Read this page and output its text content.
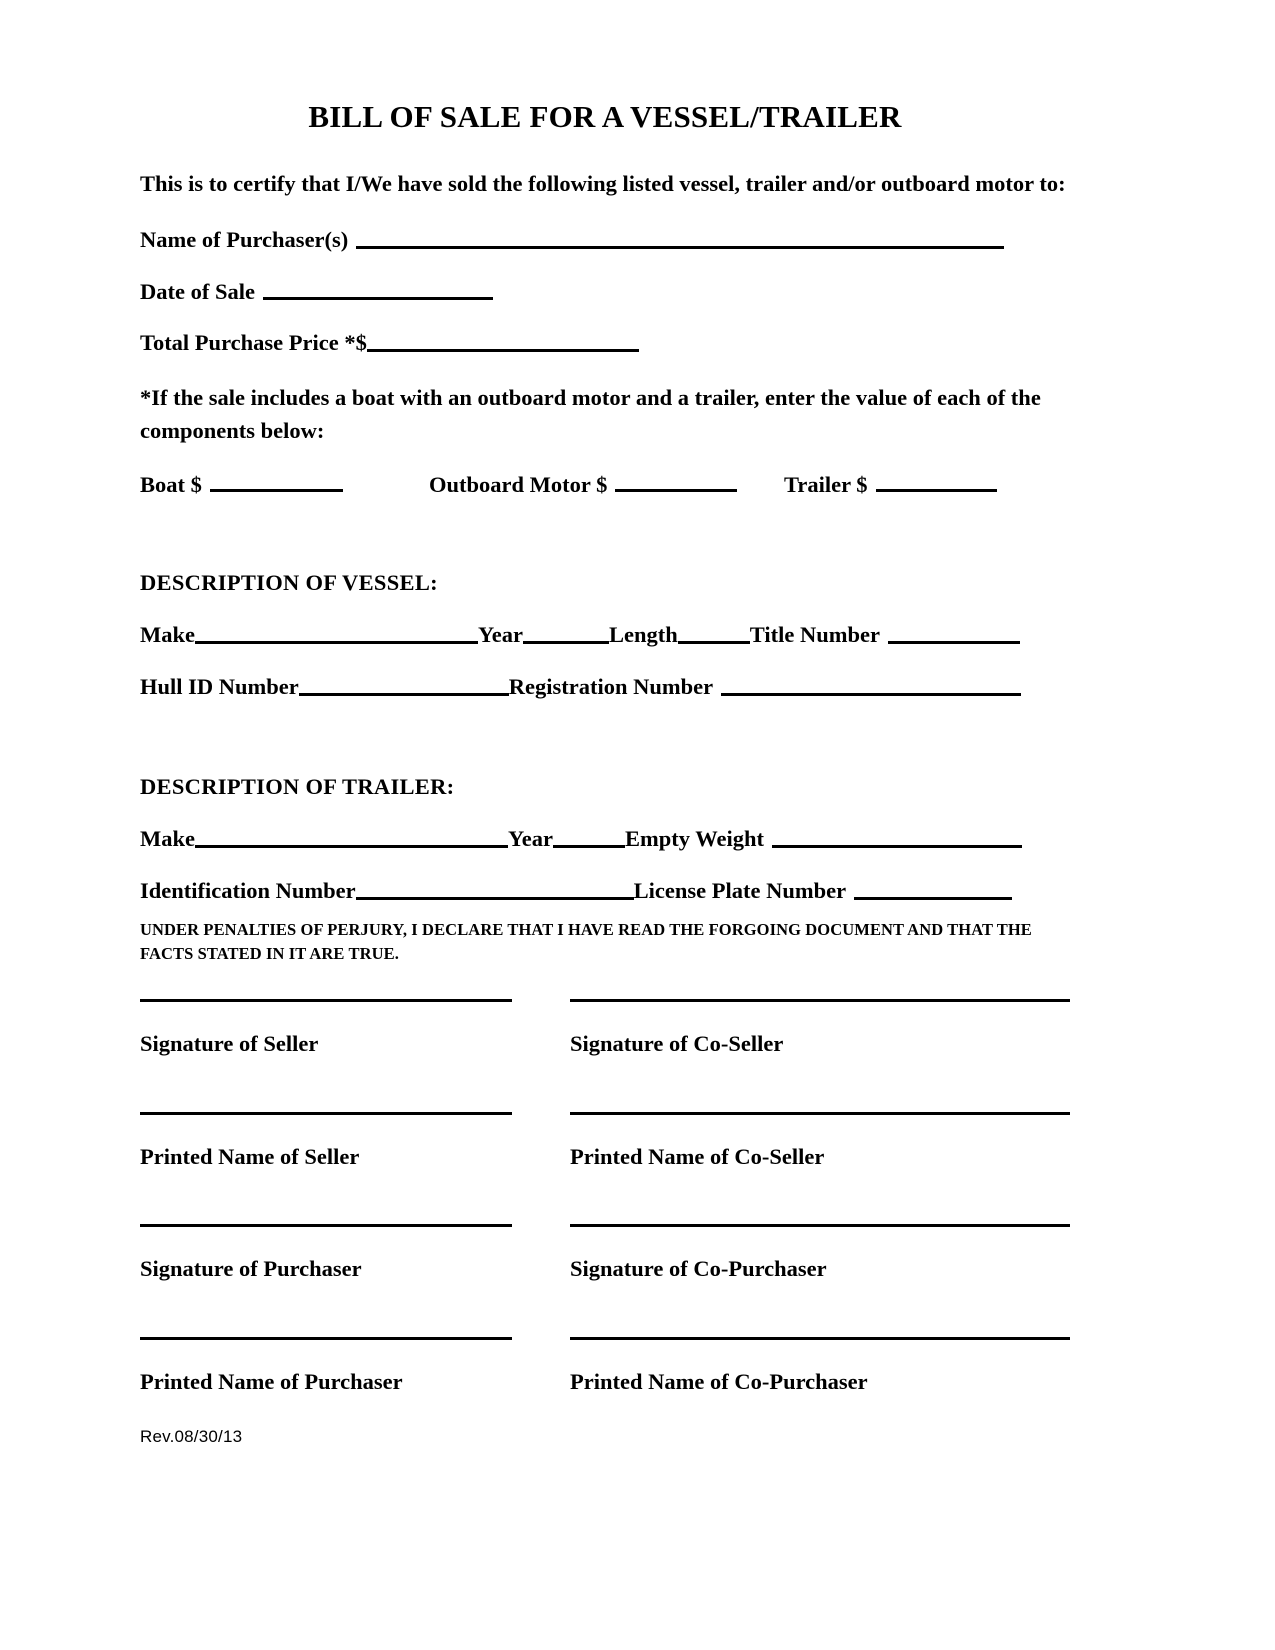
BILL OF SALE FOR A VESSEL/TRAILER

This is to certify that I/We have sold the following listed vessel, trailer and/or outboard motor to:

Name of Purchaser(s)
Date of Sale
Total Purchase Price *$

*If the sale includes a boat with an outboard motor and a trailer, enter the value of each of the components below:

Boat $	Outboard Motor $	Trailer $
DESCRIPTION OF VESSEL:
Make	Year	Length	Title Number
Hull ID Number	Registration Number
DESCRIPTION OF TRAILER:
Make	Year	Empty Weight
Identification Number	License Plate Number

UNDER PENALTIES OF PERJURY, I DECLARE THAT I HAVE READ THE FORGOING DOCUMENT AND THAT THE FACTS STATED IN IT ARE TRUE.

Signature of Seller	Signature of Co-Seller
Printed Name of Seller	Printed Name of Co-Seller
Signature of Purchaser	Signature of Co-Purchaser
Printed Name of Purchaser	Printed Name of Co-Purchaser
Rev.08/30/13
